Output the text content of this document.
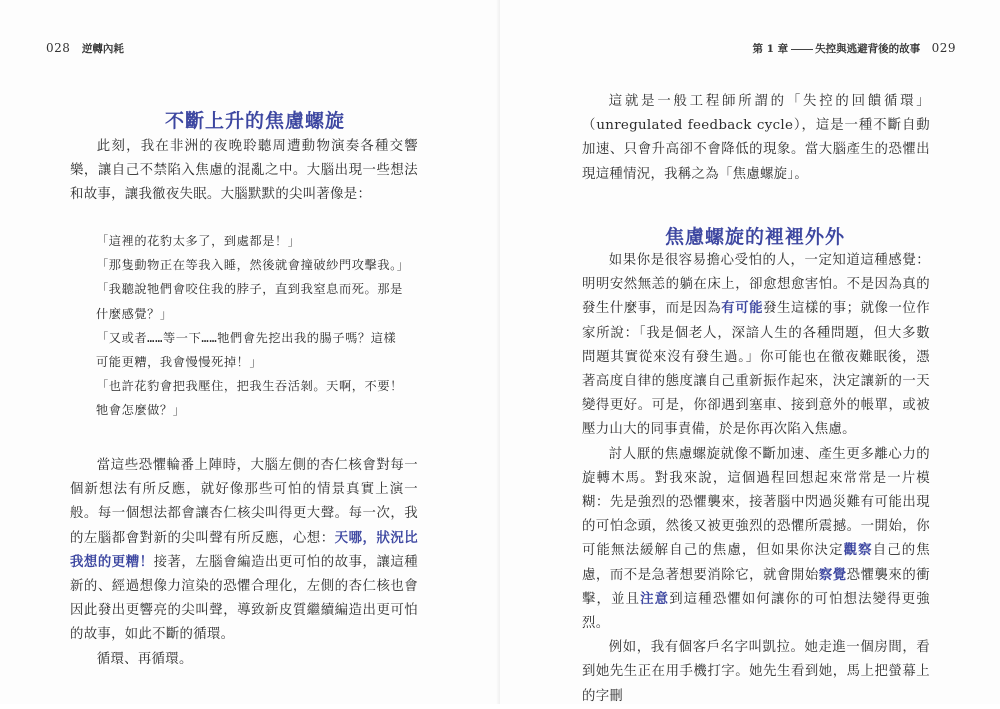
028 逆轉內耗
不斷上升的焦慮螺旋

此刻，我在非洲的夜晚聆聽周遭動物演奏各種交響樂，讓自己不禁陷入焦慮的混亂之中。大腦出現一些想法和故事，讓我徹夜失眠。大腦默默的尖叫著像是：

「這裡的花豹太多了，到處都是！」

「那隻動物正在等我入睡，然後就會撞破紗門攻擊我。」

「我聽說牠們會咬住我的脖子，直到我窒息而死。那是什麼感覺？」

「又或者……等一下……牠們會先挖出我的腸子嗎？這樣可能更糟，我會慢慢死掉！」

「也許花豹會把我壓住，把我生吞活剝。天啊，不要！牠會怎麼做？」

當這些恐懼輪番上陣時，大腦左側的杏仁核會對每一個新想法有所反應，就好像那些可怕的情景真實上演一般。每一個想法都會讓杏仁核尖叫得更大聲。每一次，我的左腦都會對新的尖叫聲有所反應，心想：天哪，狀況比我想的更糟！接著，左腦會編造出更可怕的故事，讓這種新的、經過想像力渲染的恐懼合理化，左側的杏仁核也會因此發出更響亮的尖叫聲，導致新皮質繼續編造出更可怕的故事，如此不斷的循環。

循環、再循環。

第 1 章	失控與逃避背後的故事 029

這就是一般工程師所謂的「失控的回饋循環」（unregulated feedback cycle），這是一種不斷自動加速、只會升高卻不會降低的現象。當大腦產生的恐懼出現這種情況，我稱之為「焦慮螺旋」。

焦慮螺旋的裡裡外外

如果你是很容易擔心受怕的人，一定知道這種感覺：明明安然無恙的躺在床上，卻愈想愈害怕。不是因為真的發生什麼事，而是因為有可能發生這樣的事；就像一位作家所說：「我是個老人，深諳人生的各種問題，但大多數問題其實從來沒有發生過。」你可能也在徹夜難眠後，憑著高度自律的態度讓自己重新振作起來，決定讓新的一天變得更好。可是，你卻遇到塞車、接到意外的帳單，或被壓力山大的同事責備，於是你再次陷入焦慮。

討人厭的焦慮螺旋就像不斷加速、產生更多離心力的旋轉木馬。對我來說，這個過程回想起來常常是一片模糊：先是強烈的恐懼襲來，接著腦中閃過災難有可能出現的可怕念頭，然後又被更強烈的恐懼所震撼。一開始，你可能無法緩解自己的焦慮，但如果你決定觀察自己的焦慮，而不是急著想要消除它，就會開始察覺恐懼襲來的衝擊，並且注意到這種恐懼如何讓你的可怕想法變得更強烈。

例如，我有個客戶名字叫凱拉。她走進一個房間，看到她先生正在用手機打字。她先生看到她，馬上把螢幕上的字刪
